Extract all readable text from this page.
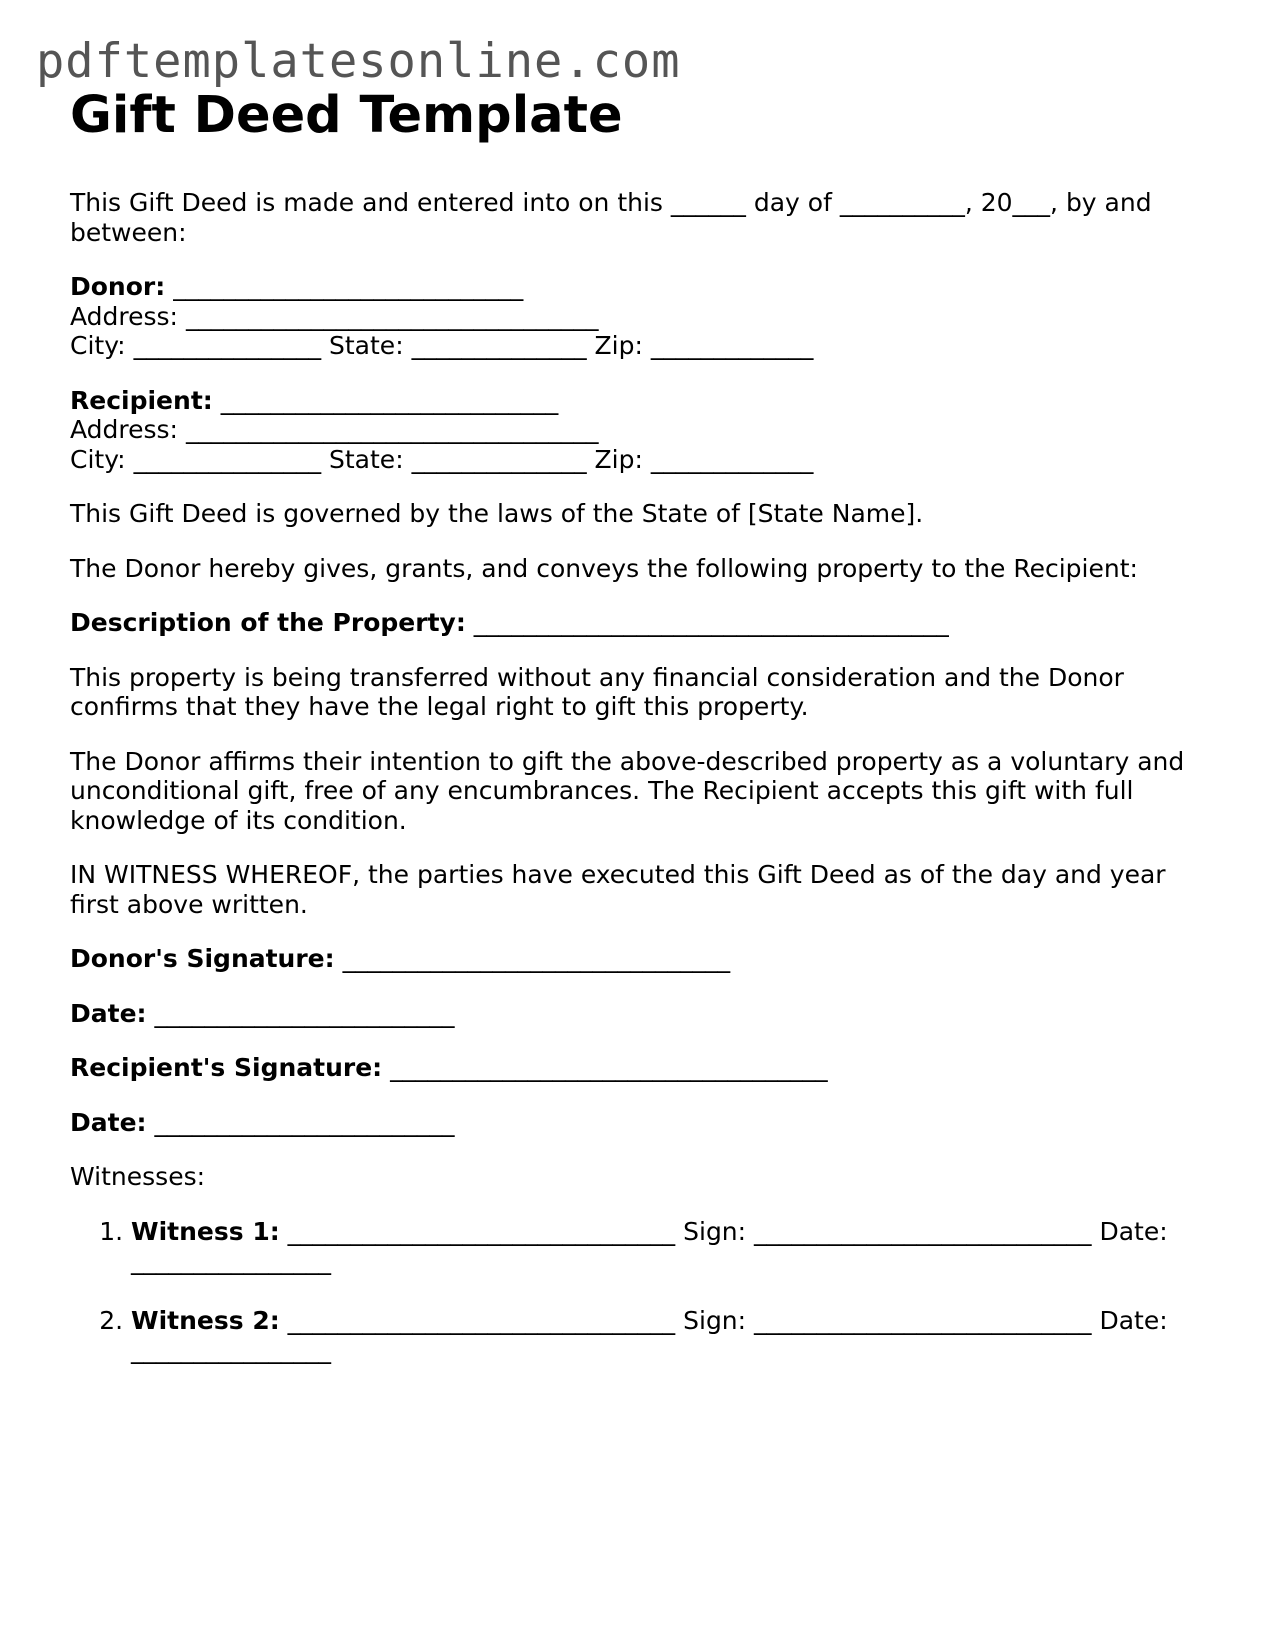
pdftemplatesonline.com
Gift Deed Template

This Gift Deed is made and entered into on this ______ day of __________, 20___, by and between:

Donor: ____________________________
Address: _________________________________
City: _______________ State: ______________ Zip: _____________
Recipient: ___________________________
Address: _________________________________
City: _______________ State: ______________ Zip: _____________

This Gift Deed is governed by the laws of the State of [State Name].

The Donor hereby gives, grants, and conveys the following property to the Recipient:

Description of the Property: ______________________________________

This property is being transferred without any financial consideration and the Donor confirms that they have the legal right to gift this property.

The Donor affirms their intention to gift the above-described property as a voluntary and unconditional gift, free of any encumbrances. The Recipient accepts this gift with full knowledge of its condition.

IN WITNESS WHEREOF, the parties have executed this Gift Deed as of the day and year first above written.

Donor's Signature: _______________________________

Date: ________________________

Recipient's Signature: ___________________________________

Date: ________________________

Witnesses:

1. Witness 1: _______________________________ Sign: ___________________________ Date: ________________
2. Witness 2: _______________________________ Sign: ___________________________ Date: ________________
